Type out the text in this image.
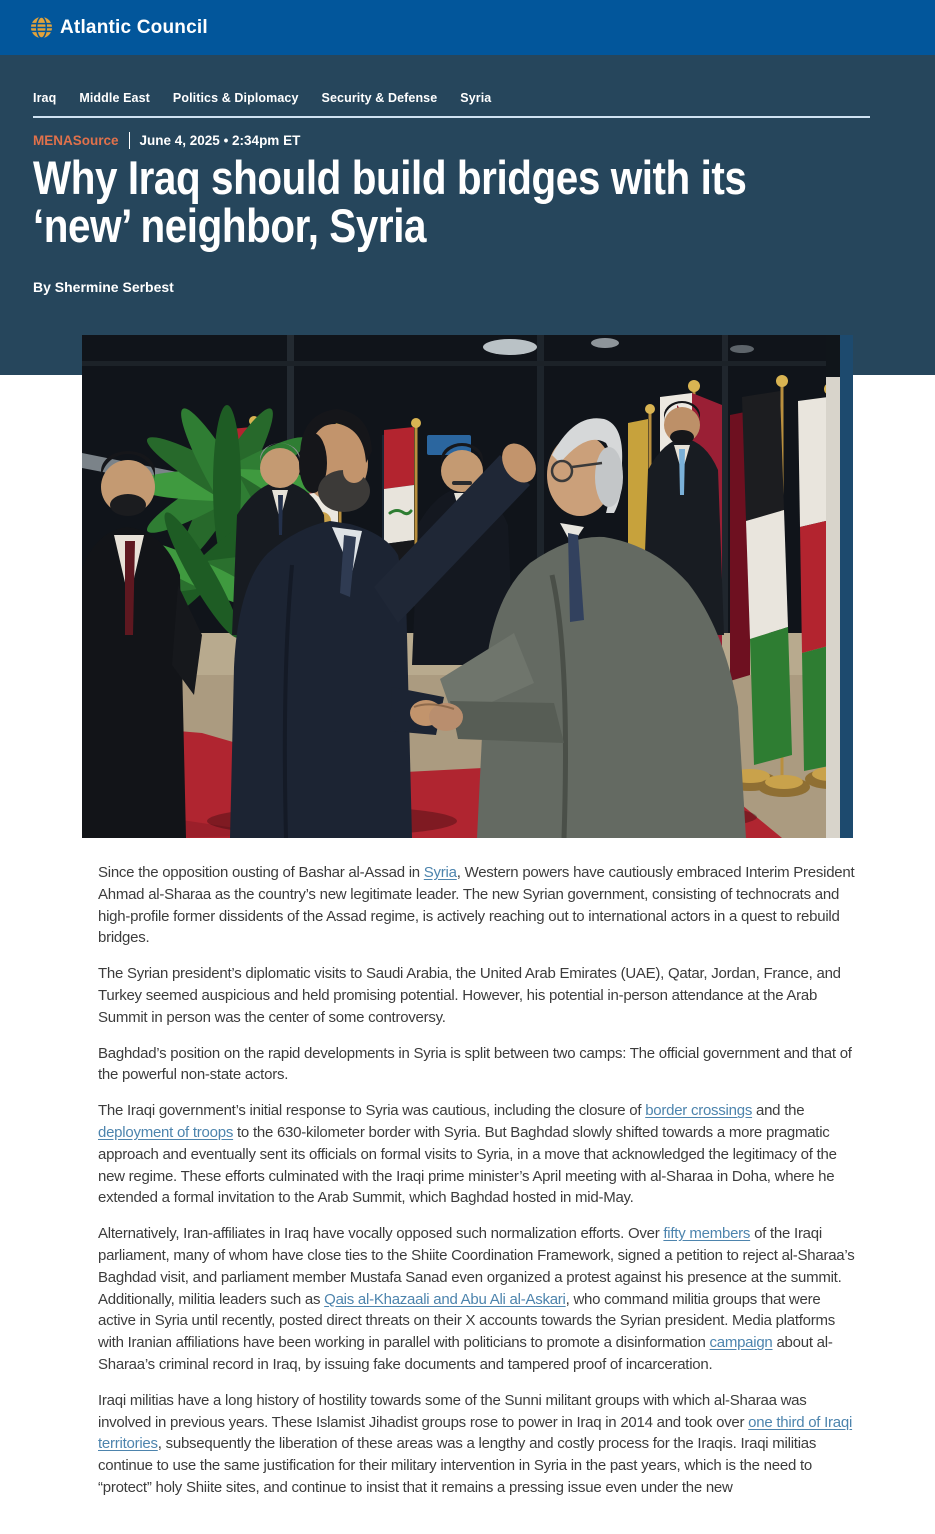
Atlantic Council
Iraq Middle East Politics & Diplomacy Security & Defense Syria
MENASource June 4, 2025 • 2:34pm ET
Why Iraq should build bridges with its
‘new’ neighbor, Syria
By Shermine Serbest

Since the opposition ousting of Bashar al-Assad in Syria, Western powers have cautiously embraced Interim President Ahmad al-Sharaa as the country’s new legitimate leader. The new Syrian government, consisting of technocrats and high-profile former dissidents of the Assad regime, is actively reaching out to international actors in a quest to rebuild bridges.

The Syrian president’s diplomatic visits to Saudi Arabia, the United Arab Emirates (UAE), Qatar, Jordan, France, and Turkey seemed auspicious and held promising potential. However, his potential in-person attendance at the Arab Summit in person was the center of some controversy.

Baghdad’s position on the rapid developments in Syria is split between two camps: The official government and that of the powerful non-state actors.

The Iraqi government’s initial response to Syria was cautious, including the closure of border crossings and the deployment of troops to the 630-kilometer border with Syria. But Baghdad slowly shifted towards a more pragmatic approach and eventually sent its officials on formal visits to Syria, in a move that acknowledged the legitimacy of the new regime. These efforts culminated with the Iraqi prime minister’s April meeting with al-Sharaa in Doha, where he extended a formal invitation to the Arab Summit, which Baghdad hosted in mid-May.

Alternatively, Iran-affiliates in Iraq have vocally opposed such normalization efforts. Over fifty members of the Iraqi parliament, many of whom have close ties to the Shiite Coordination Framework, signed a petition to reject al-Sharaa’s Baghdad visit, and parliament member Mustafa Sanad even organized a protest against his presence at the summit. Additionally, militia leaders such as Qais al-Khazaali and Abu Ali al-Askari, who command militia groups that were active in Syria until recently, posted direct threats on their X accounts towards the Syrian president. Media platforms with Iranian affiliations have been working in parallel with politicians to promote a disinformation campaign about al-Sharaa’s criminal record in Iraq, by issuing fake documents and tampered proof of incarceration.

Iraqi militias have a long history of hostility towards some of the Sunni militant groups with which al-Sharaa was involved in previous years. These Islamist Jihadist groups rose to power in Iraq in 2014 and took over one third of Iraqi territories, subsequently the liberation of these areas was a lengthy and costly process for the Iraqis. Iraqi militias continue to use the same justification for their military intervention in Syria in the past years, which is the need to “protect” holy Shiite sites, and continue to insist that it remains a pressing issue even under the new
